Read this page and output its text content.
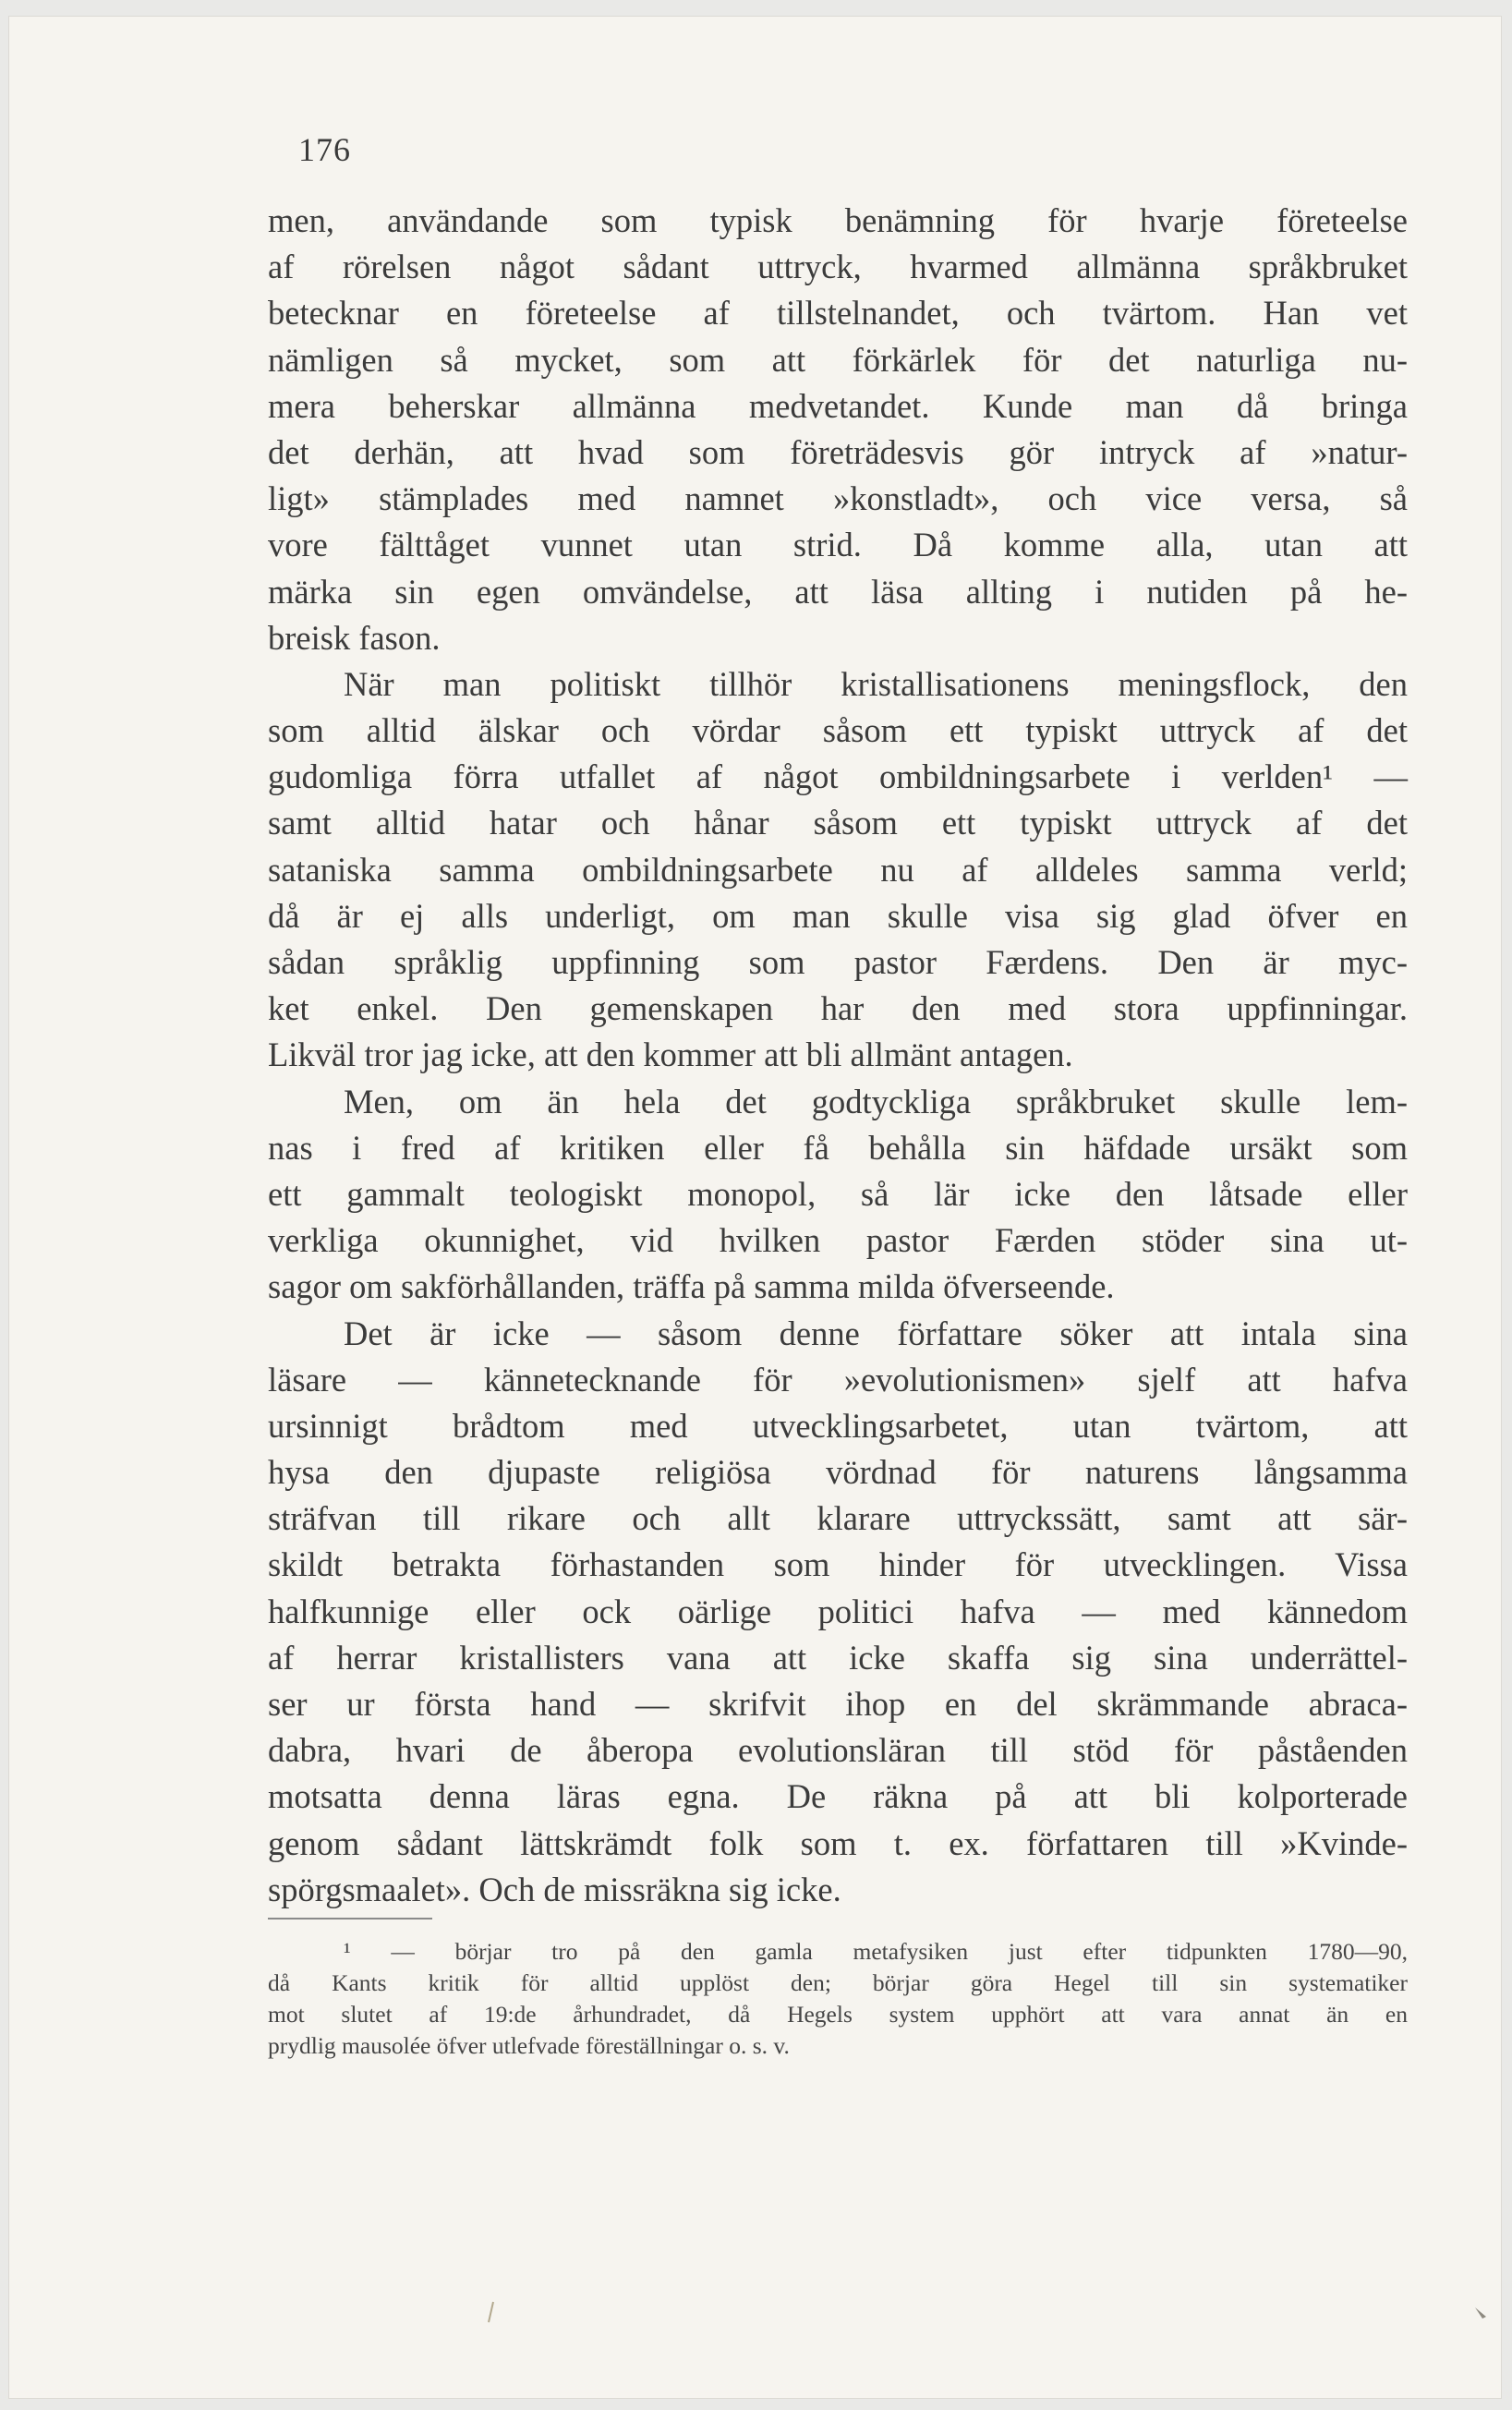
176
men, användande som typisk benämning för hvarje företeelse
af rörelsen något sådant uttryck, hvarmed allmänna språkbruket
betecknar en företeelse af tillstelnandet, och tvärtom. Han vet
nämligen så mycket, som att förkärlek för det naturliga nu-
mera beherskar allmänna medvetandet. Kunde man då bringa
det derhän, att hvad som företrädesvis gör intryck af »natur-
ligt» stämplades med namnet »konstladt», och vice versa, så
vore fälttåget vunnet utan strid. Då komme alla, utan att
märka sin egen omvändelse, att läsa allting i nutiden på he-
breisk fason.
När man politiskt tillhör kristallisationens meningsflock, den
som alltid älskar och vördar såsom ett typiskt uttryck af det
gudomliga förra utfallet af något ombildningsarbete i verlden¹ —
samt alltid hatar och hånar såsom ett typiskt uttryck af det
sataniska samma ombildningsarbete nu af alldeles samma verld;
då är ej alls underligt, om man skulle visa sig glad öfver en
sådan språklig uppfinning som pastor Færdens. Den är myc-
ket enkel. Den gemenskapen har den med stora uppfinningar.
Likväl tror jag icke, att den kommer att bli allmänt antagen.
Men, om än hela det godtyckliga språkbruket skulle lem-
nas i fred af kritiken eller få behålla sin häfdade ursäkt som
ett gammalt teologiskt monopol, så lär icke den låtsade eller
verkliga okunnighet, vid hvilken pastor Færden stöder sina ut-
sagor om sakförhållanden, träffa på samma milda öfverseende.
Det är icke — såsom denne författare söker att intala sina
läsare — kännetecknande för »evolutionismen» sjelf att hafva
ursinnigt brådtom med utvecklingsarbetet, utan tvärtom, att
hysa den djupaste religiösa vördnad för naturens långsamma
sträfvan till rikare och allt klarare uttryckssätt, samt att sär-
skildt betrakta förhastanden som hinder för utvecklingen. Vissa
halfkunnige eller ock oärlige politici hafva — med kännedom
af herrar kristallisters vana att icke skaffa sig sina underrättel-
ser ur första hand — skrifvit ihop en del skrämmande abraca-
dabra, hvari de åberopa evolutionsläran till stöd för påståenden
motsatta denna läras egna. De räkna på att bli kolporterade
genom sådant lättskrämdt folk som t. ex. författaren till »Kvinde-
spörgsmaalet». Och de missräkna sig icke.
¹ — börjar tro på den gamla metafysiken just efter tidpunkten 1780—90,
då Kants kritik för alltid upplöst den; börjar göra Hegel till sin systematiker
mot slutet af 19:de århundradet, då Hegels system upphört att vara annat än en
prydlig mausolée öfver utlefvade föreställningar o. s. v.
